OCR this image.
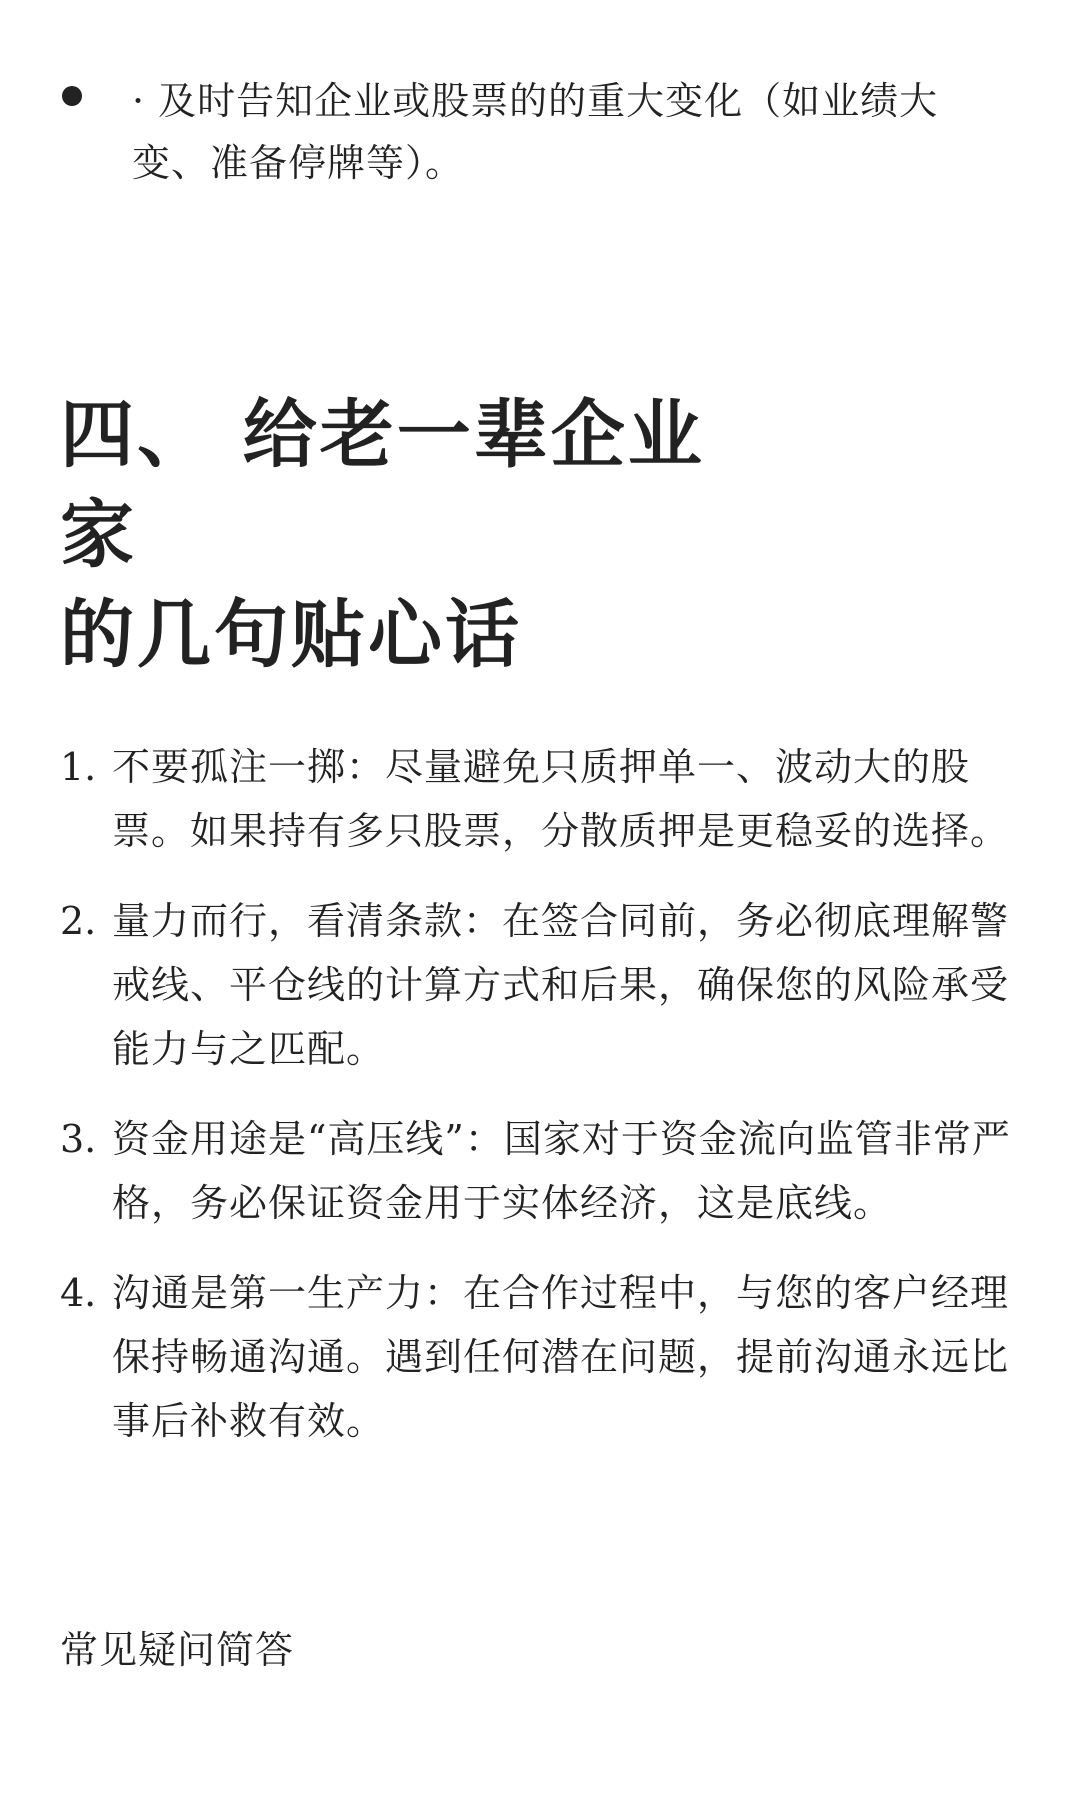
· 及时告知企业或股票的的重大变化（如业绩大变、准备停牌等）。
四、 给老一辈企业家
的几句贴心话
1. 不要孤注一掷：尽量避免只质押单一、波动大的股票。如果持有多只股票，分散质押是更稳妥的选择。
2. 量力而行，看清条款：在签合同前，务必彻底理解警戒线、平仓线的计算方式和后果，确保您的风险承受能力与之匹配。
3. 资金用途是“高压线”：国家对于资金流向监管非常严格，务必保证资金用于实体经济，这是底线。
4. 沟通是第一生产力：在合作过程中，与您的客户经理保持畅通沟通。遇到任何潜在问题，提前沟通永远比事后补救有效。
常见疑问简答
